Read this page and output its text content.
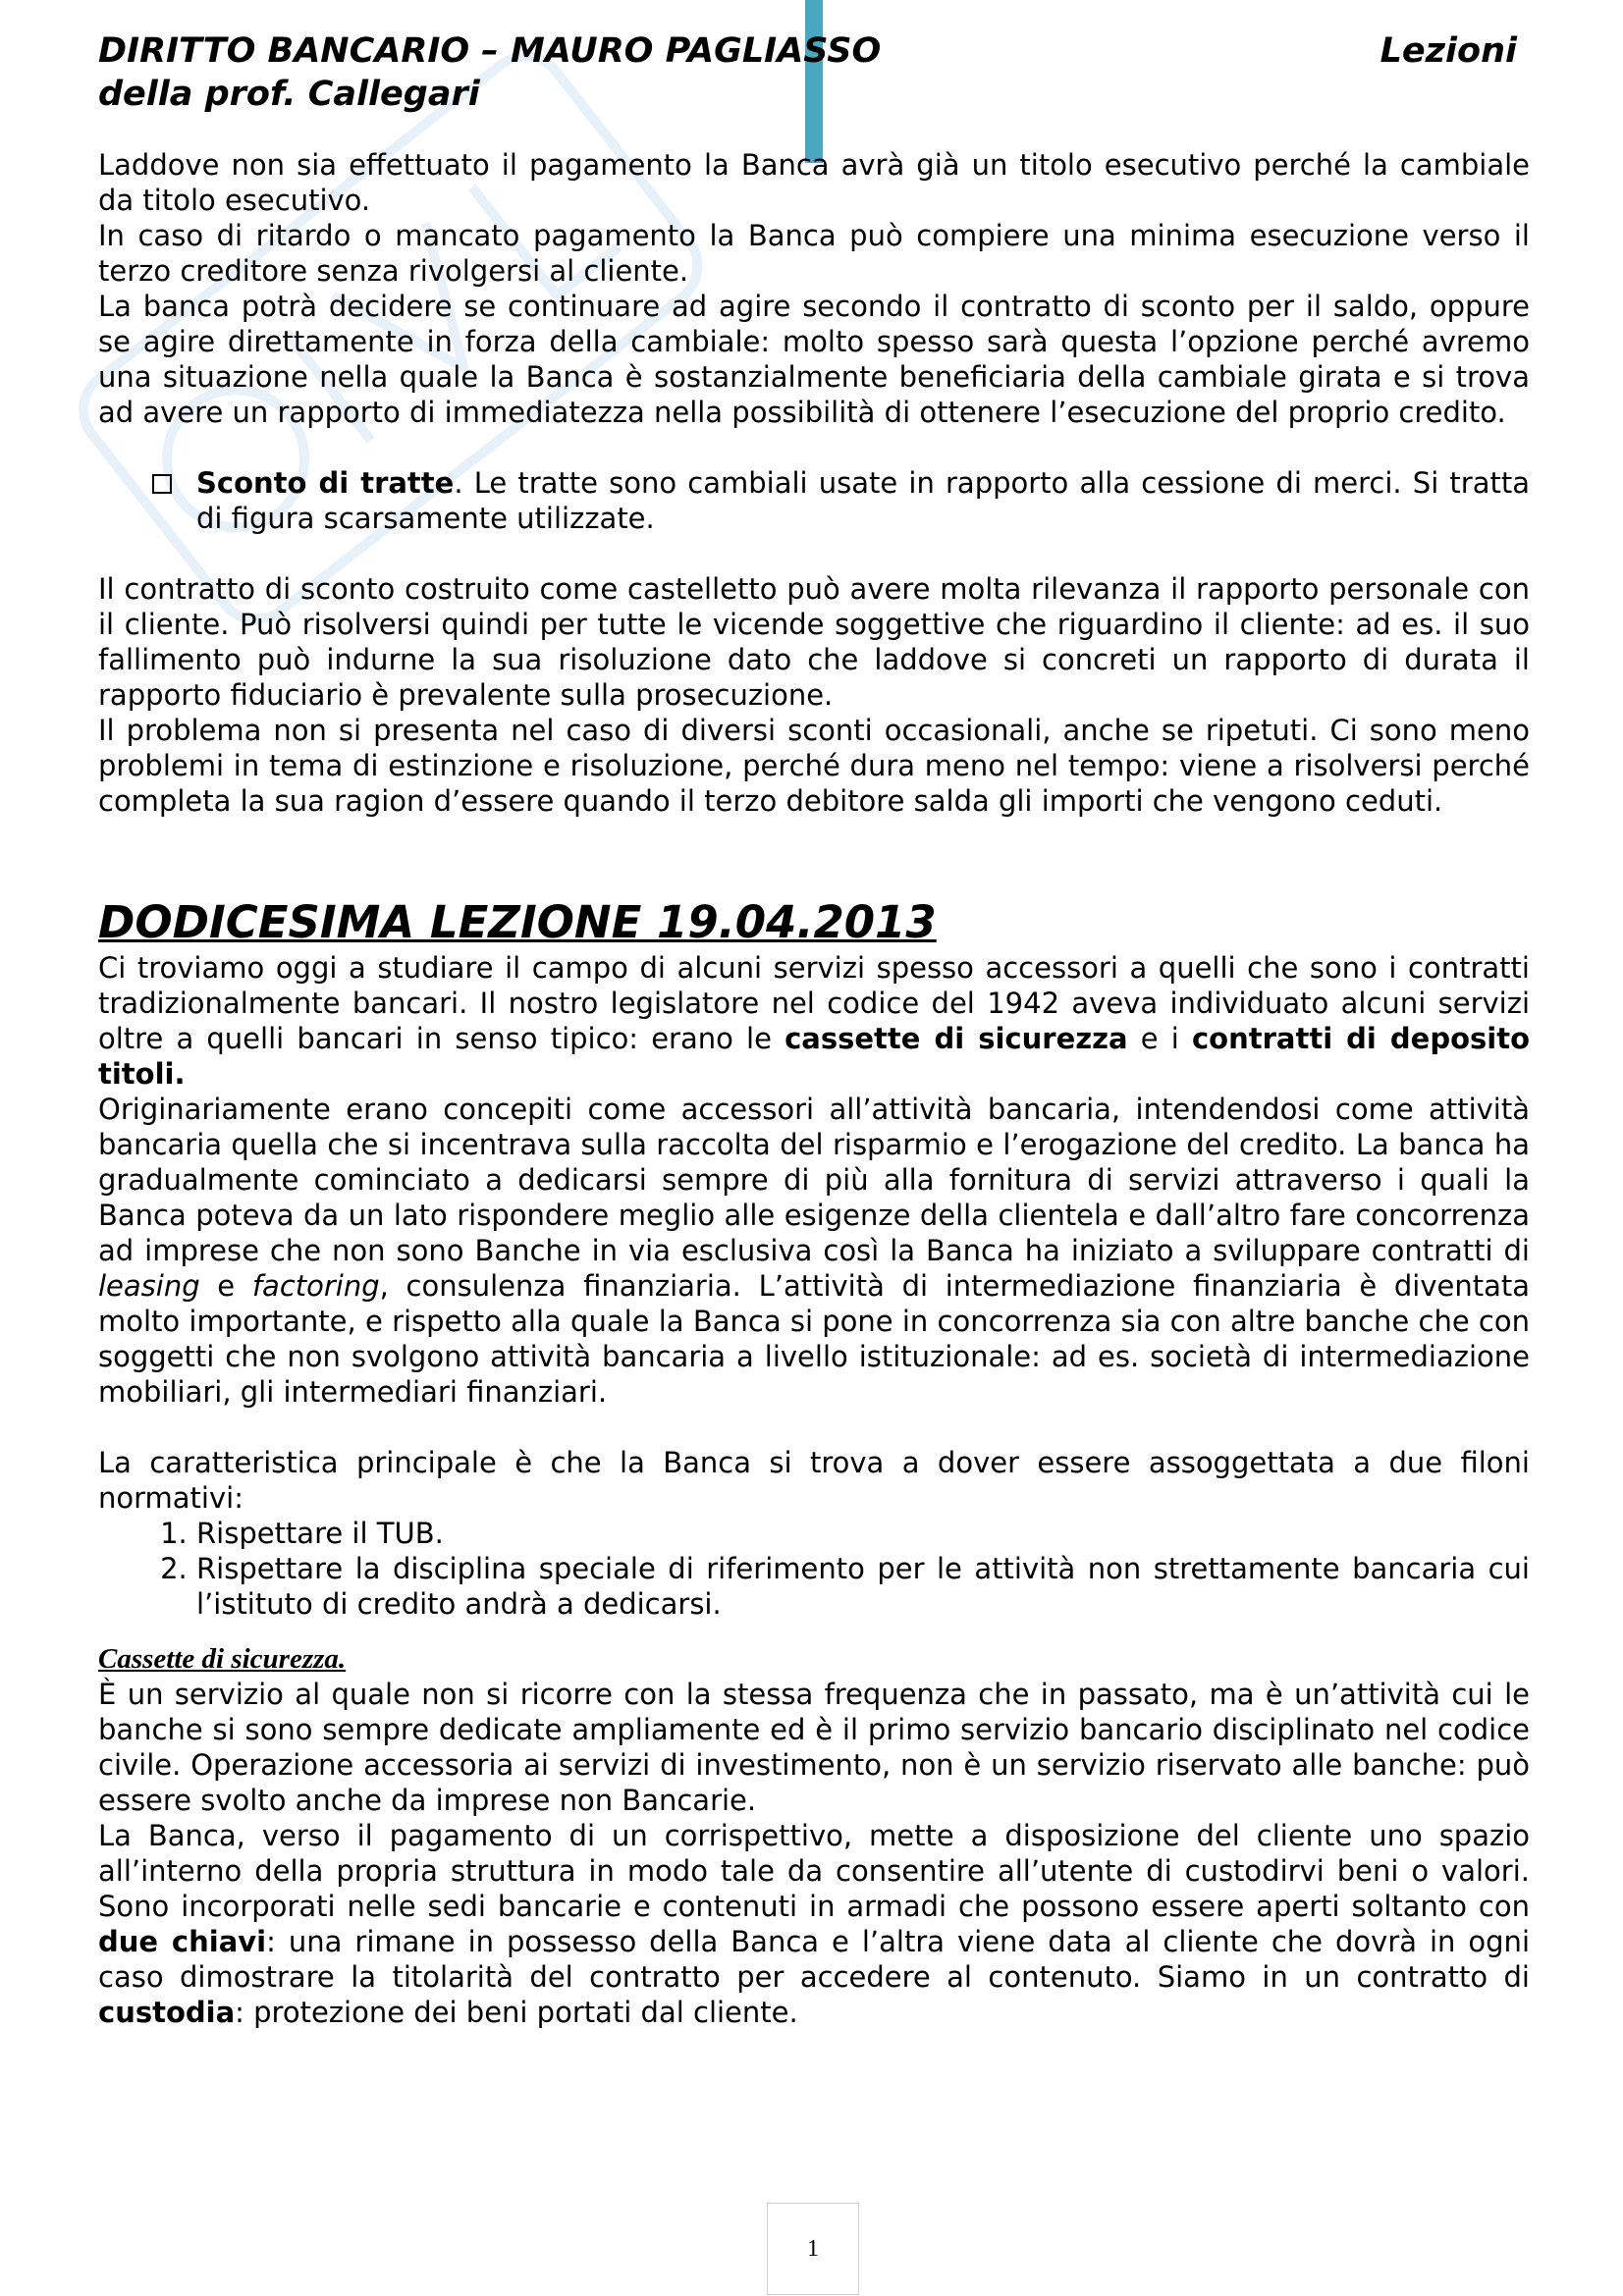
DIRITTO BANCARIO – MAURO PAGLIASSO	Lezioni
della prof. Callegari

Laddove non sia effettuato il pagamento la Banca avrà già un titolo esecutivo perché la cambiale da titolo esecutivo.

In caso di ritardo o mancato pagamento la Banca può compiere una minima esecuzione verso il terzo creditore senza rivolgersi al cliente.

La banca potrà decidere se continuare ad agire secondo il contratto di sconto per il saldo, oppure se agire direttamente in forza della cambiale: molto spesso sarà questa l’opzione perché avremo una situazione nella quale la Banca è sostanzialmente beneficiaria della cambiale girata e si trova ad avere un rapporto di immediatezza nella possibilità di ottenere l’esecuzione del proprio credito.

Sconto di tratte. Le tratte sono cambiali usate in rapporto alla cessione di merci. Si tratta di figura scarsamente utilizzate.

Il contratto di sconto costruito come castelletto può avere molta rilevanza il rapporto personale con il cliente. Può risolversi quindi per tutte le vicende soggettive che riguardino il cliente: ad es. il suo fallimento può indurne la sua risoluzione dato che laddove si concreti un rapporto di durata il rapporto fiduciario è prevalente sulla prosecuzione.

Il problema non si presenta nel caso di diversi sconti occasionali, anche se ripetuti. Ci sono meno problemi in tema di estinzione e risoluzione, perché dura meno nel tempo: viene a risolversi perché completa la sua ragion d’essere quando il terzo debitore salda gli importi che vengono ceduti.

DODICESIMA LEZIONE 19.04.2013

Ci troviamo oggi a studiare il campo di alcuni servizi spesso accessori a quelli che sono i contratti tradizionalmente bancari. Il nostro legislatore nel codice del 1942 aveva individuato alcuni servizi oltre a quelli bancari in senso tipico: erano le cassette di sicurezza e i contratti di deposito titoli.

Originariamente erano concepiti come accessori all’attività bancaria, intendendosi come attività bancaria quella che si incentrava sulla raccolta del risparmio e l’erogazione del credito. La banca ha gradualmente cominciato a dedicarsi sempre di più alla fornitura di servizi attraverso i quali la Banca poteva da un lato rispondere meglio alle esigenze della clientela e dall’altro fare concorrenza ad imprese che non sono Banche in via esclusiva così la Banca ha iniziato a sviluppare contratti di leasing e factoring, consulenza finanziaria. L’attività di intermediazione finanziaria è diventata molto importante, e rispetto alla quale la Banca si pone in concorrenza sia con altre banche che con soggetti che non svolgono attività bancaria a livello istituzionale: ad es. società di intermediazione mobiliari, gli intermediari finanziari.

La caratteristica principale è che la Banca si trova a dover essere assoggettata a due filoni normativi:

1. Rispettare il TUB.
2. Rispettare la disciplina speciale di riferimento per le attività non strettamente bancaria cui l’istituto di credito andrà a dedicarsi.
Cassette di sicurezza.

È un servizio al quale non si ricorre con la stessa frequenza che in passato, ma è un’attività cui le banche si sono sempre dedicate ampliamente ed è il primo servizio bancario disciplinato nel codice civile. Operazione accessoria ai servizi di investimento, non è un servizio riservato alle banche: può essere svolto anche da imprese non Bancarie.

La Banca, verso il pagamento di un corrispettivo, mette a disposizione del cliente uno spazio all’interno della propria struttura in modo tale da consentire all’utente di custodirvi beni o valori. Sono incorporati nelle sedi bancarie e contenuti in armadi che possono essere aperti soltanto con due chiavi: una rimane in possesso della Banca e l’altra viene data al cliente che dovrà in ogni caso dimostrare la titolarità del contratto per accedere al contenuto. Siamo in un contratto di custodia: protezione dei beni portati dal cliente.

1
